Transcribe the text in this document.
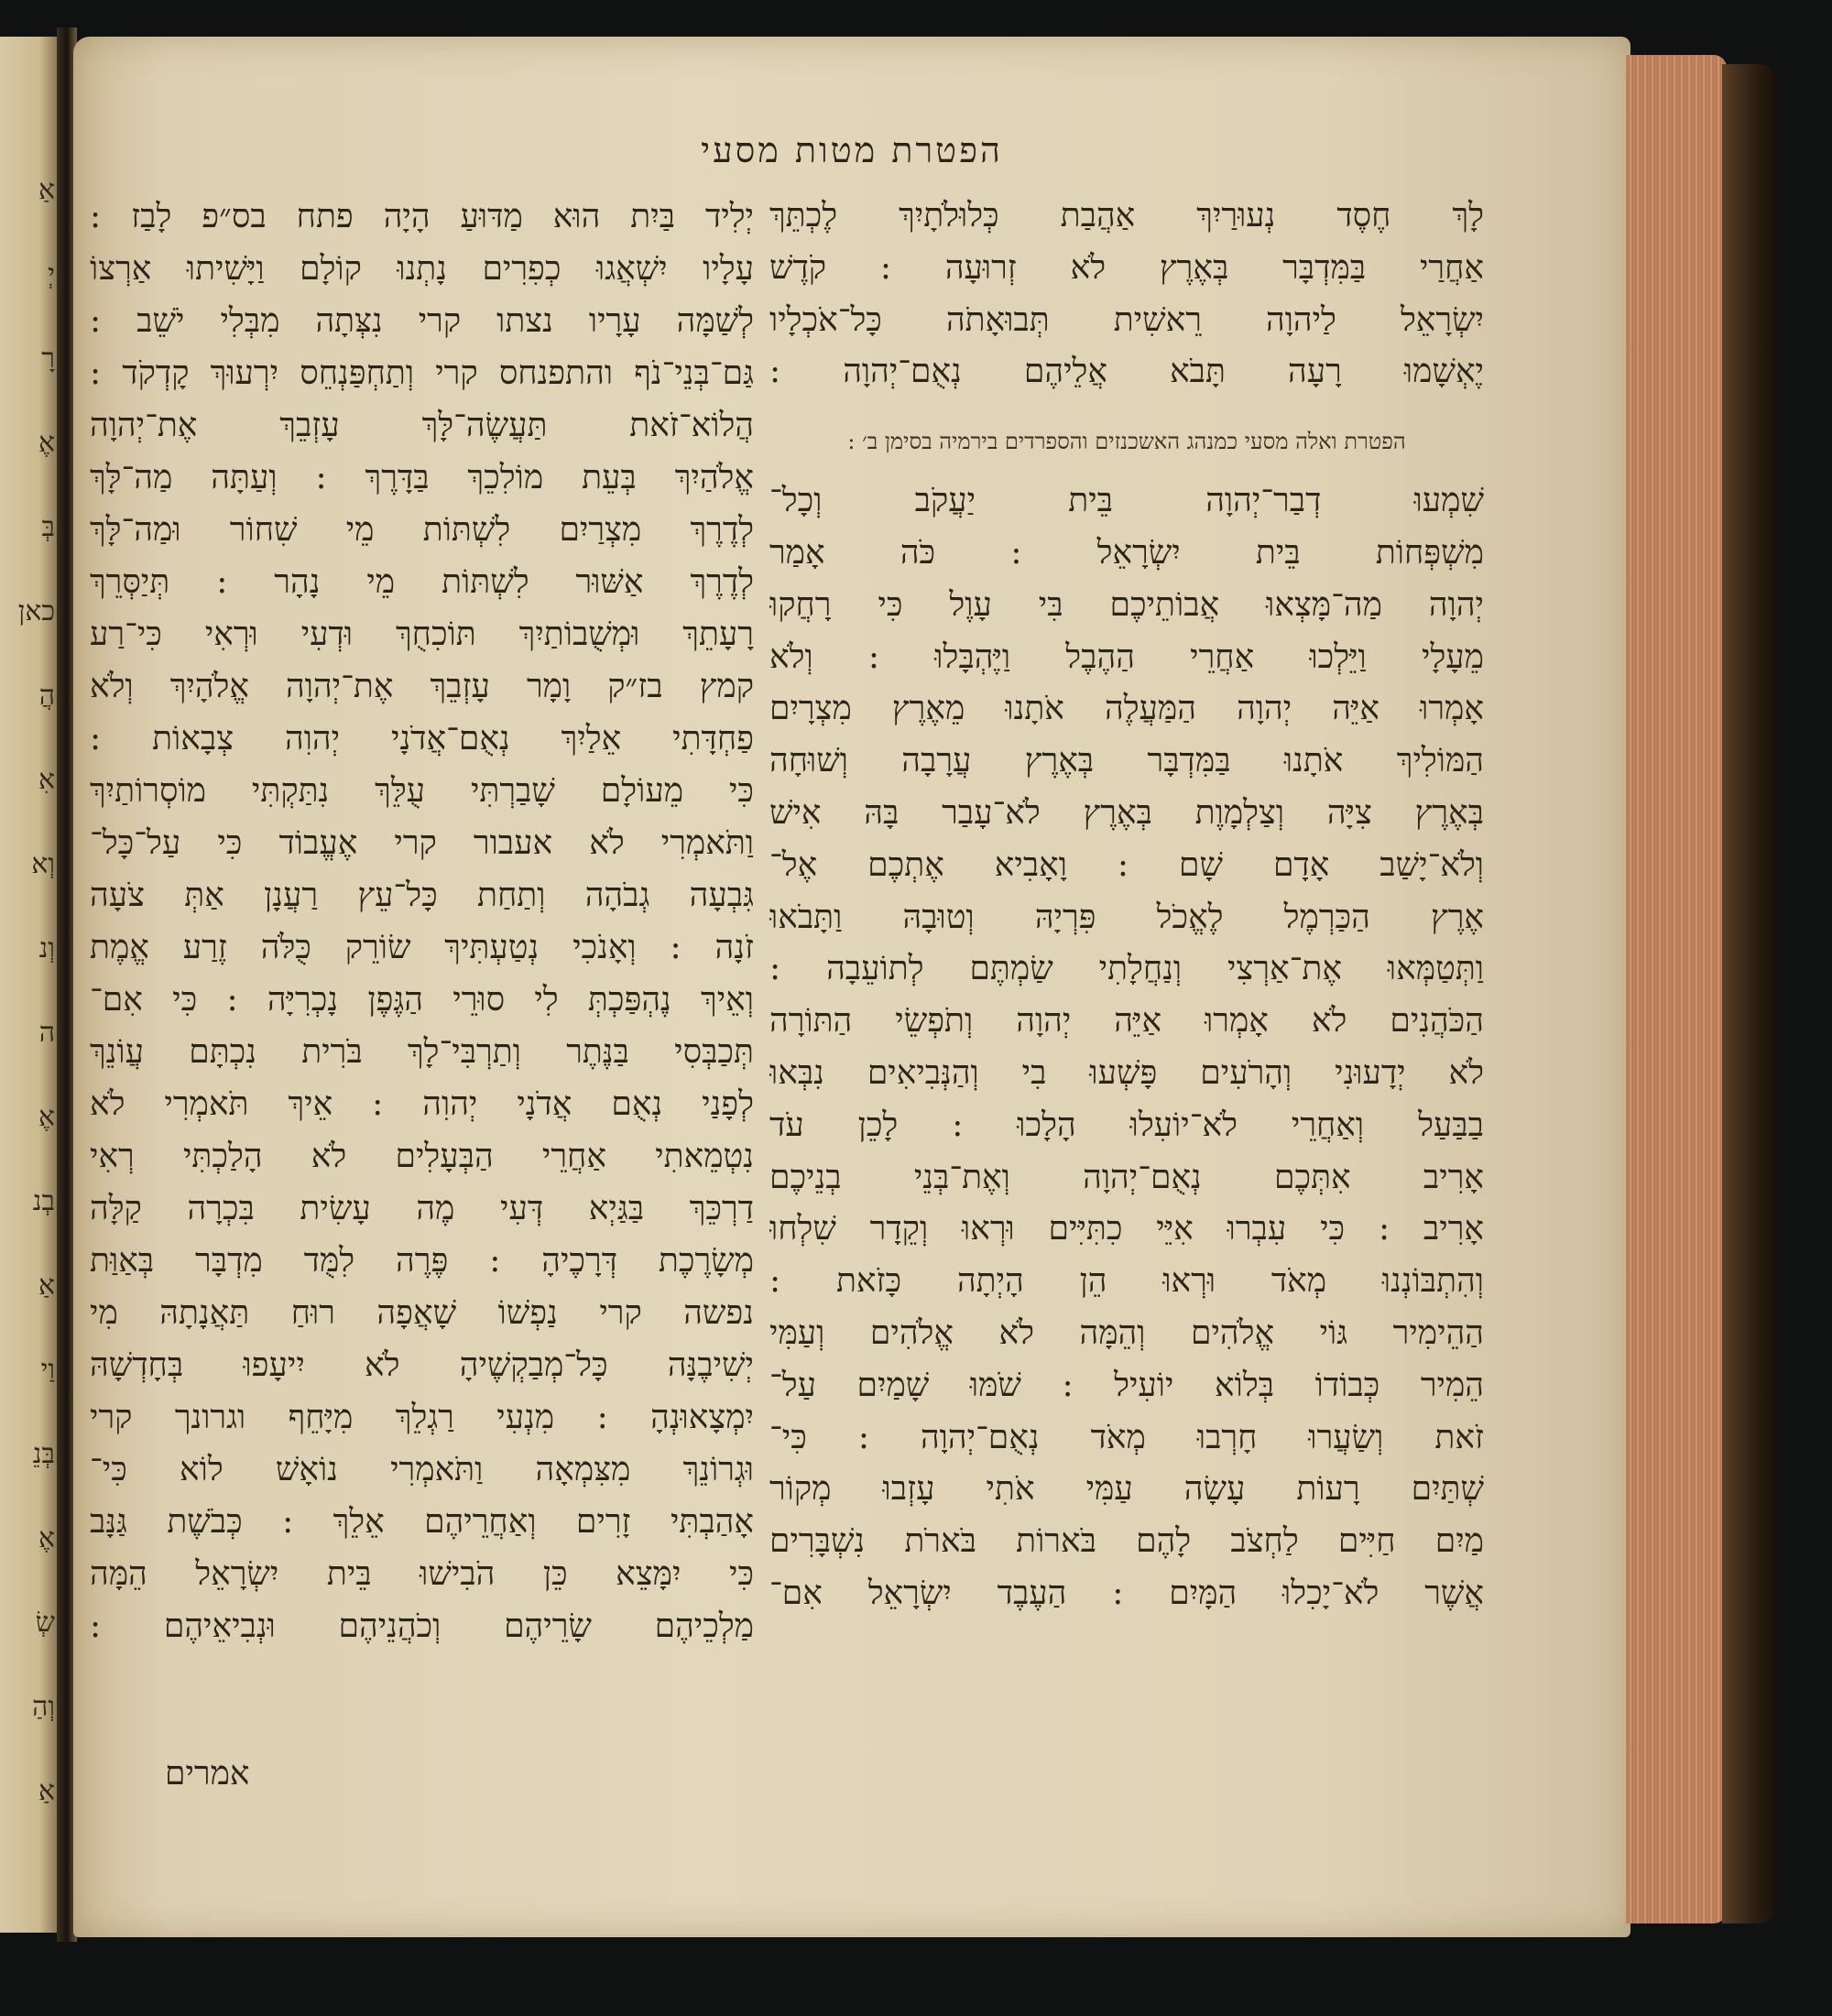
אַ
יְ
רָ
אֶ
בְּ
כאן
הֲ
אִ
וְא
וְנ
ה
אֶ
בְנ
אַ
וַי
בְּנֵ
אֶ
שְׂ
וְהַ
אַ
הפטרת מטות מסעי
לָךְ חֶסֶד נְעוּרַיִךְ אַהֲבַת כְּלוּלֹתָיִךְ לֶכְתֵּךְ
אַחֲרַי בַּמִּדְבָּר בְּאֶרֶץ לֹא זְרוּעָה : קֹדֶשׁ
יִשְׂרָאֵל לַיהוָה רֵאשִׁית תְּבוּאָתֹה כָּל־אֹכְלָיו
יֶאְשָׁמוּ רָעָה תָּבֹא אֲלֵיהֶם נְאֻם־יְהוָה :
הפטרת ואלה מסעי כמנהג האשכנזים והספרדים בירמיה בסימן ב׳ :
שִׁמְעוּ דְבַר־יְהוָה בֵּית יַעֲקֹב וְכָל־
מִשְׁפְּחוֹת בֵּית יִשְׂרָאֵל : כֹּה אָמַר
יְהוָה מַה־מָּצְאוּ אֲבוֹתֵיכֶם בִּי עָוֶל כִּי רָחֲקוּ
מֵעָלָי וַיֵּלְכוּ אַחֲרֵי הַהֶבֶל וַיֶּהְבָּלוּ : וְלֹא
אָמְרוּ אַיֵּה יְהוָה הַמַּעֲלֶה אֹתָנוּ מֵאֶרֶץ מִצְרָיִם
הַמּוֹלִיךְ אֹתָנוּ בַּמִּדְבָּר בְּאֶרֶץ עֲרָבָה וְשׁוּחָה
בְּאֶרֶץ צִיָּה וְצַלְמָוֶת בְּאֶרֶץ לֹא־עָבַר בָּהּ אִישׁ
וְלֹא־יָשַׁב אָדָם שָׁם : וָאָבִיא אֶתְכֶם אֶל־
אֶרֶץ הַכַּרְמֶל לֶאֱכֹל פִּרְיָהּ וְטוּבָהּ וַתָּבֹאוּ
וַתְּטַמְּאוּ אֶת־אַרְצִי וְנַחֲלָתִי שַׂמְתֶּם לְתוֹעֵבָה :
הַכֹּהֲנִים לֹא אָמְרוּ אַיֵּה יְהוָה וְתֹפְשֵׂי הַתּוֹרָה
לֹא יְדָעוּנִי וְהָרֹעִים פָּשְׁעוּ בִי וְהַנְּבִיאִים נִבְּאוּ
בַבַּעַל וְאַחֲרֵי לֹא־יוֹעִלוּ הָלָכוּ : לָכֵן עֹד
אָרִיב אִתְּכֶם נְאֻם־יְהוָה וְאֶת־בְּנֵי בְנֵיכֶם
אָרִיב : כִּי עִבְרוּ אִיֵּי כִתִּיִּים וּרְאוּ וְקֵדָר שִׁלְחוּ
וְהִתְבּוֹנְנוּ מְאֹד וּרְאוּ הֵן הָיְתָה כָּזֹאת :
הַהֵימִיר גּוֹי אֱלֹהִים וְהֵמָּה לֹא אֱלֹהִים וְעַמִּי
הֵמִיר כְּבוֹדוֹ בְּלוֹא יוֹעִיל : שֹׁמּוּ שָׁמַיִם עַל־
זֹאת וְשַׂעֲרוּ חָרְבוּ מְאֹד נְאֻם־יְהוָה : כִּי־
שְׁתַּיִם רָעוֹת עָשָׂה עַמִּי אֹתִי עָזְבוּ מְקוֹר
מַיִם חַיִּים לַחְצֹב לָהֶם בֹּארוֹת בֹּארֹת נִשְׁבָּרִים
אֲשֶׁר לֹא־יָכִלוּ הַמָּיִם : הַעֶבֶד יִשְׂרָאֵל אִם־
יְלִיד בַּיִת הוּא מַדּוּעַ הָיָה פתח בס״פ לָבַז :
עָלָיו יִשְׁאֲגוּ כְפִרִים נָתְנוּ קוֹלָם וַיָּשִׁיתוּ אַרְצוֹ
לְשַׁמָּה עָרָיו נצתו קרי נִצְּתָה מִבְּלִי יֹשֵׁב :
גַּם־בְּנֵי־נֹף והתפנחס קרי וְתַחְפַּנְחֵס יִרְעוּךְ קָדְקֹד :
הֲלוֹא־זֹאת תַּעֲשֶׂה־לָּךְ עָזְבֵךְ אֶת־יְהוָה
אֱלֹהַיִךְ בְּעֵת מוֹלִכֵךְ בַּדָּרֶךְ : וְעַתָּה מַה־לָּךְ
לְדֶרֶךְ מִצְרַיִם לִשְׁתּוֹת מֵי שִׁחוֹר וּמַה־לָּךְ
לְדֶרֶךְ אַשּׁוּר לִשְׁתּוֹת מֵי נָהָר : תְּיַסְּרֵךְ
רָעָתֵךְ וּמְשֻׁבוֹתַיִךְ תּוֹכִחֻךְ וּדְעִי וּרְאִי כִּי־רַע
קמץ בז״ק וָמָר עָזְבֵךְ אֶת־יְהוָה אֱלֹהָיִךְ וְלֹא
פַחְדָּתִי אֵלַיִךְ נְאֻם־אֲדֹנָי יְהוִה צְבָאוֹת :
כִּי מֵעוֹלָם שָׁבַרְתִּי עֻלֵּךְ נִתַּקְתִּי מוֹסְרוֹתַיִךְ
וַתֹּאמְרִי לֹא אעבור קרי אֶעֱבוֹד כִּי עַל־כָּל־
גִּבְעָה גְבֹהָה וְתַחַת כָּל־עֵץ רַעֲנָן אַתְּ צֹעָה
זֹנָה : וְאָנֹכִי נְטַעְתִּיךְ שׂוֹרֵק כֻּלֹּה זֶרַע אֱמֶת
וְאֵיךְ נֶהְפַּכְתְּ לִי סוּרֵי הַגֶּפֶן נָכְרִיָּה : כִּי אִם־
תְּכַבְּסִי בַּנֶּתֶר וְתַרְבִּי־לָךְ בֹּרִית נִכְתָּם עֲוֹנֵךְ
לְפָנַי נְאֻם אֲדֹנָי יְהוִה : אֵיךְ תֹּאמְרִי לֹא
נִטְמֵאתִי אַחֲרֵי הַבְּעָלִים לֹא הָלַכְתִּי רְאִי
דַרְכֵּךְ בַּגַּיְא דְּעִי מֶה עָשִׂית בִּכְרָה קַלָּה
מְשָׂרֶכֶת דְּרָכֶיהָ : פֶּרֶה לִמֻּד מִדְבָּר בְּאַוַּת
נפשה קרי נַפְשׁוֹ שָׁאֲפָה רוּחַ תַּאֲנָתָהּ מִי
יְשִׁיבֶנָּה כָּל־מְבַקְשֶׁיהָ לֹא יִיעָפוּ בְּחָדְשָׁהּ
יִמְצָאוּנְהָ : מִנְעִי רַגְלֵךְ מִיָּחֵף וגרונך קרי
וּגְרוֹנֵךְ מִצִּמְאָה וַתֹּאמְרִי נוֹאָשׁ לוֹא כִּי־
אָהַבְתִּי זָרִים וְאַחֲרֵיהֶם אֵלֵךְ : כְּבֹשֶׁת גַּנָּב
כִּי יִמָּצֵא כֵּן הֹבִישׁוּ בֵּית יִשְׂרָאֵל הֵמָּה
מַלְכֵיהֶם שָׂרֵיהֶם וְכֹהֲנֵיהֶם וּנְבִיאֵיהֶם :
אמרים
